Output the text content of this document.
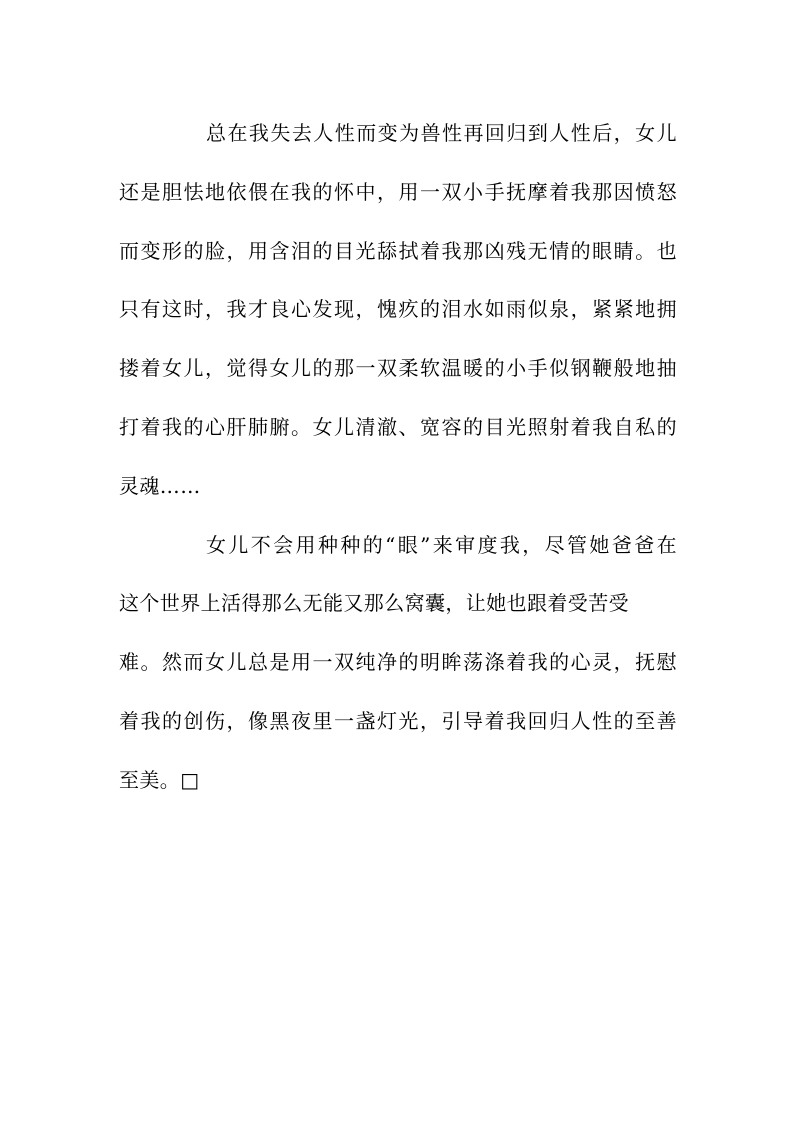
总在我失去人性而变为兽性再回归到人性后，女儿
还是胆怯地依偎在我的怀中，用一双小手抚摩着我那因愤怒
而变形的脸，用含泪的目光舔拭着我那凶残无情的眼睛。也
只有这时，我才良心发现，愧疚的泪水如雨似泉，紧紧地拥
搂着女儿，觉得女儿的那一双柔软温暖的小手似钢鞭般地抽
打着我的心肝肺腑。女儿清澈、宽容的目光照射着我自私的
灵魂……
女儿不会用种种的“眼”来审度我，尽管她爸爸在
这个世界上活得那么无能又那么窝囊，让她也跟着受苦受
难。然而女儿总是用一双纯净的明眸荡涤着我的心灵，抚慰
着我的创伤，像黑夜里一盏灯光，引导着我回归人性的至善
至美。□
